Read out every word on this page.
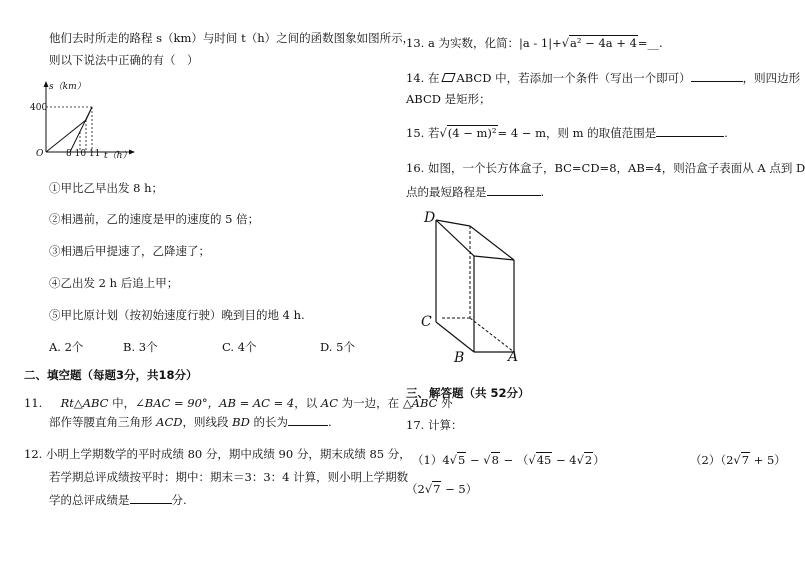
他们去时所走的路程 s（km）与时间 t（h）之间的函数图象如图所示，
则以下说法中正确的有（　）
s（km）
400
O	8 10 11 t（h）
①甲比乙早出发 8 h；
②相遇前，乙的速度是甲的速度的 5 倍；
③相遇后甲提速了，乙降速了；
④乙出发 2 h 后追上甲；
⑤甲比原计划（按初始速度行驶）晚到目的地 4 h.
A. 2个	B. 3个	C. 4个	D. 5个
二、填空题（每题3分，共18分）
11. Rt△ABC 中，∠BAC = 90°，AB = AC = 4，以 AC 为一边，在 △ABC 外
部作等腰直角三角形 ACD，则线段 BD 的长为	.
12. 小明上学期数学的平时成绩 80 分，期中成绩 90 分，期末成绩 85 分，
若学期总评成绩按平时：期中：期末＝3：3：4 计算，则小明上学期数
学的总评成绩是	分.
13. a 为实数，化简：|a - 1|+√a² − 4a + 4=__.
14. 在 ABCD 中，若添加一个条件（写出一个即可）	，则四边形
ABCD 是矩形；
15. 若√(4 − m)²= 4 − m，则 m 的取值范围是	.
16. 如图，一个长方体盒子，BC=CD=8，AB=4，则沿盒子表面从 A 点到 D
点的最短路程是	.
D
C
B	A
三、解答题（共 52分）
17. 计算：
（1）4√5 − √8 − （√45 − 4√2）	（2）（2√7 + 5）
（2√7 − 5）
